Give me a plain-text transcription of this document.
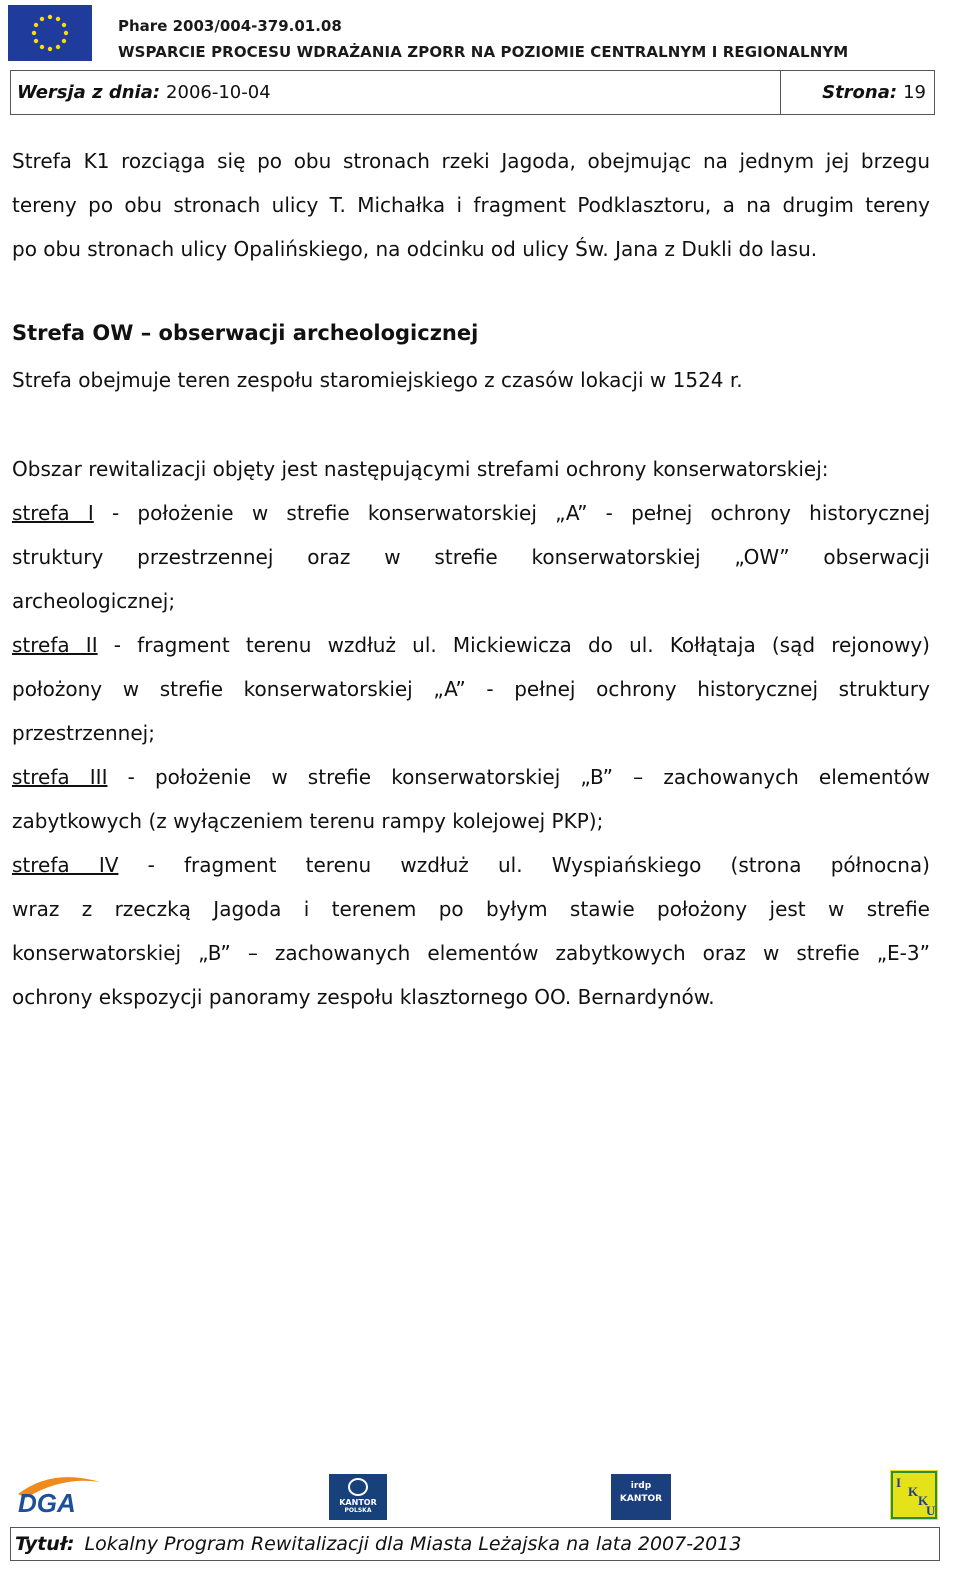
Phare 2003/004-379.01.08
WSPARCIE PROCESU WDRAŻANIA ZPORR NA POZIOMIE CENTRALNYM I REGIONALNYM
Wersja z dnia: 2006-10-04	Strona: 19

Strefa K1 rozciąga się po obu stronach rzeki Jagoda, obejmując na jednym jej brzegu

tereny po obu stronach ulicy T. Michałka i fragment Podklasztoru, a na drugim tereny

po obu stronach ulicy Opalińskiego, na odcinku od ulicy Św. Jana z Dukli do lasu.

Strefa OW – obserwacji archeologicznej

Strefa obejmuje teren zespołu staromiejskiego z czasów lokacji w 1524 r.

Obszar rewitalizacji objęty jest następującymi strefami ochrony konserwatorskiej:

strefa I - położenie w strefie konserwatorskiej „A” - pełnej ochrony historycznej

struktury przestrzennej oraz w strefie konserwatorskiej „OW” obserwacji

archeologicznej;

strefa II - fragment terenu wzdłuż ul. Mickiewicza do ul. Kołłątaja (sąd rejonowy)

położony w strefie konserwatorskiej „A” - pełnej ochrony historycznej struktury

przestrzennej;

strefa III - położenie w strefie konserwatorskiej „B” – zachowanych elementów

zabytkowych (z wyłączeniem terenu rampy kolejowej PKP);

strefa IV - fragment terenu wzdłuż ul. Wyspiańskiego (strona północna)

wraz z rzeczką Jagoda i terenem po byłym stawie położony jest w strefie

konserwatorskiej „B” – zachowanych elementów zabytkowych oraz w strefie „E-3”

ochrony ekspozycji panoramy zespołu klasztornego OO. Bernardynów.

DGA	KANTOR
POLSKA
irdp
KANTOR
I
K
K
U
Tytuł: Lokalny Program Rewitalizacji dla Miasta Leżajska na lata 2007-2013
